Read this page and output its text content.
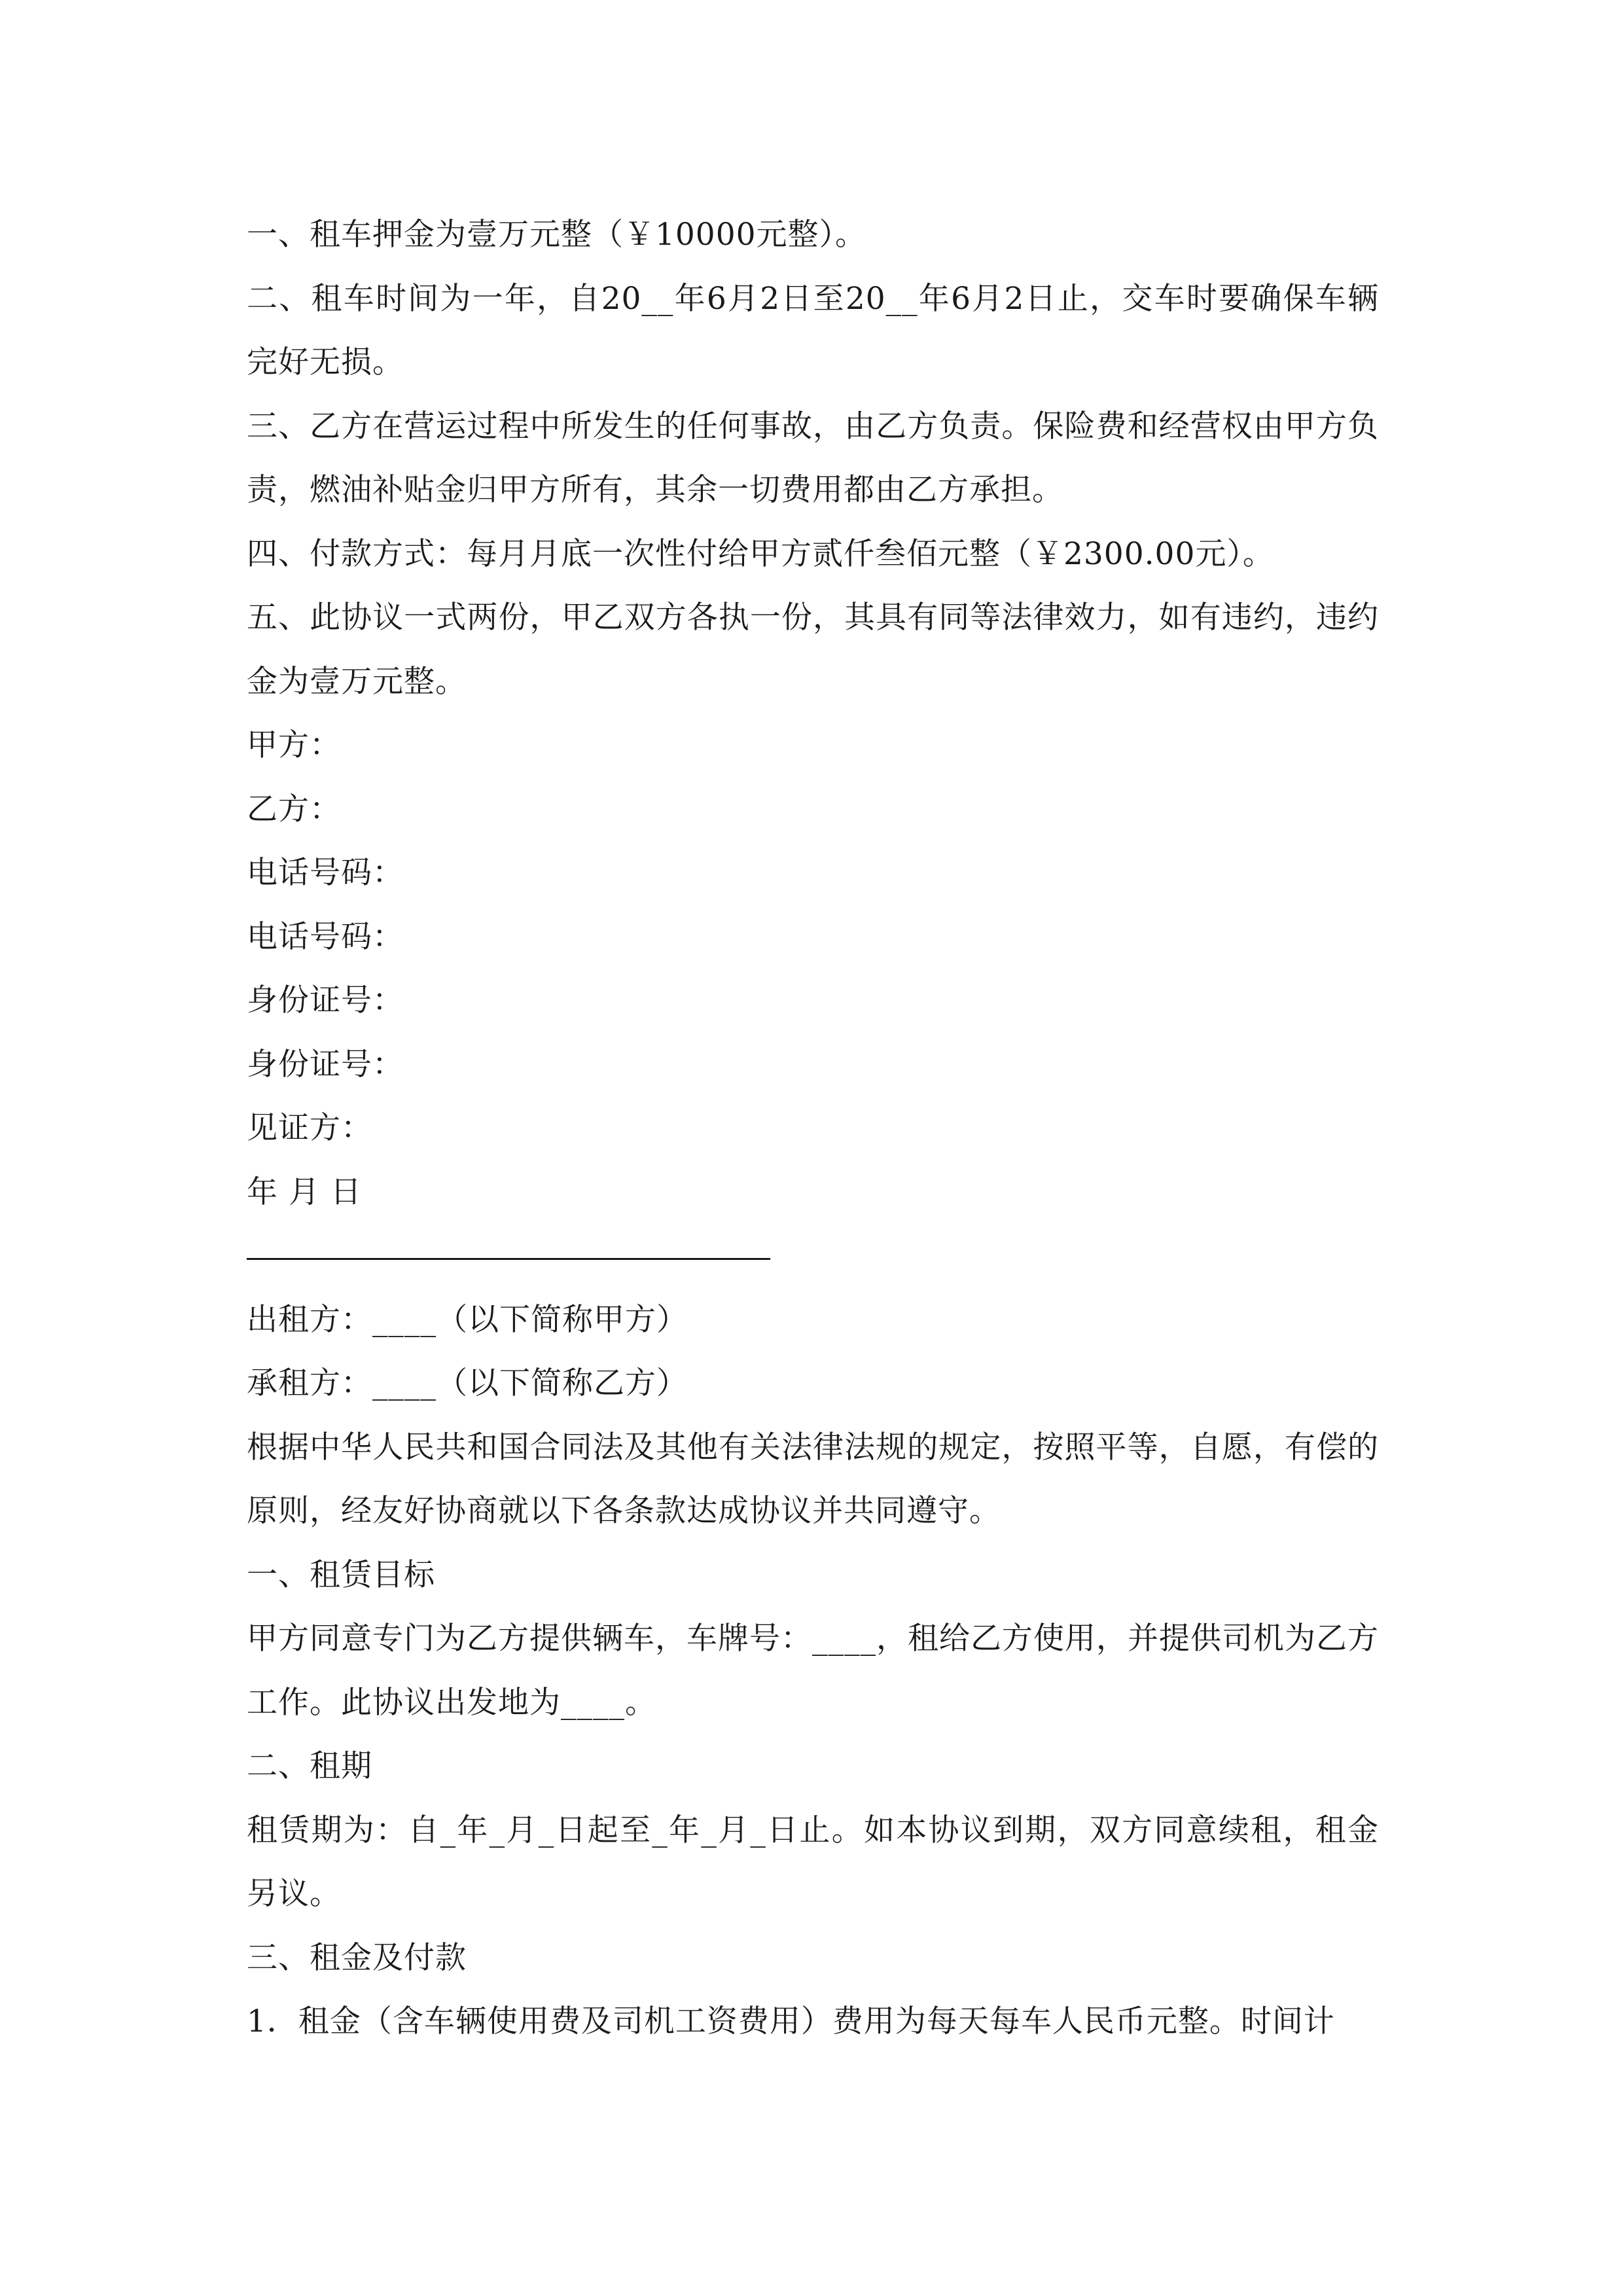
一、租车押金为壹万元整（￥10000元整）。

二、租车时间为一年，自20__年6月2日至20__年6月2日止，交车时要确保车辆完好无损。

三、乙方在营运过程中所发生的任何事故，由乙方负责。保险费和经营权由甲方负责，燃油补贴金归甲方所有，其余一切费用都由乙方承担。

四、付款方式：每月月底一次性付给甲方贰仟叁佰元整（￥2300.00元）。

五、此协议一式两份，甲乙双方各执一份，其具有同等法律效力，如有违约，违约金为壹万元整。

甲方：

乙方：

电话号码：

电话号码：

身份证号：

身份证号：

见证方：

年 月 日

出租方：____（以下简称甲方）

承租方：____（以下简称乙方）

根据中华人民共和国合同法及其他有关法律法规的规定，按照平等，自愿，有偿的原则，经友好协商就以下各条款达成协议并共同遵守。

一、租赁目标

甲方同意专门为乙方提供辆车，车牌号：____，租给乙方使用，并提供司机为乙方工作。此协议出发地为____。

二、租期

租赁期为：自_年_月_日起至_年_月_日止。如本协议到期，双方同意续租，租金另议。

三、租金及付款

1．租金（含车辆使用费及司机工资费用）费用为每天每车人民币元整。时间计
